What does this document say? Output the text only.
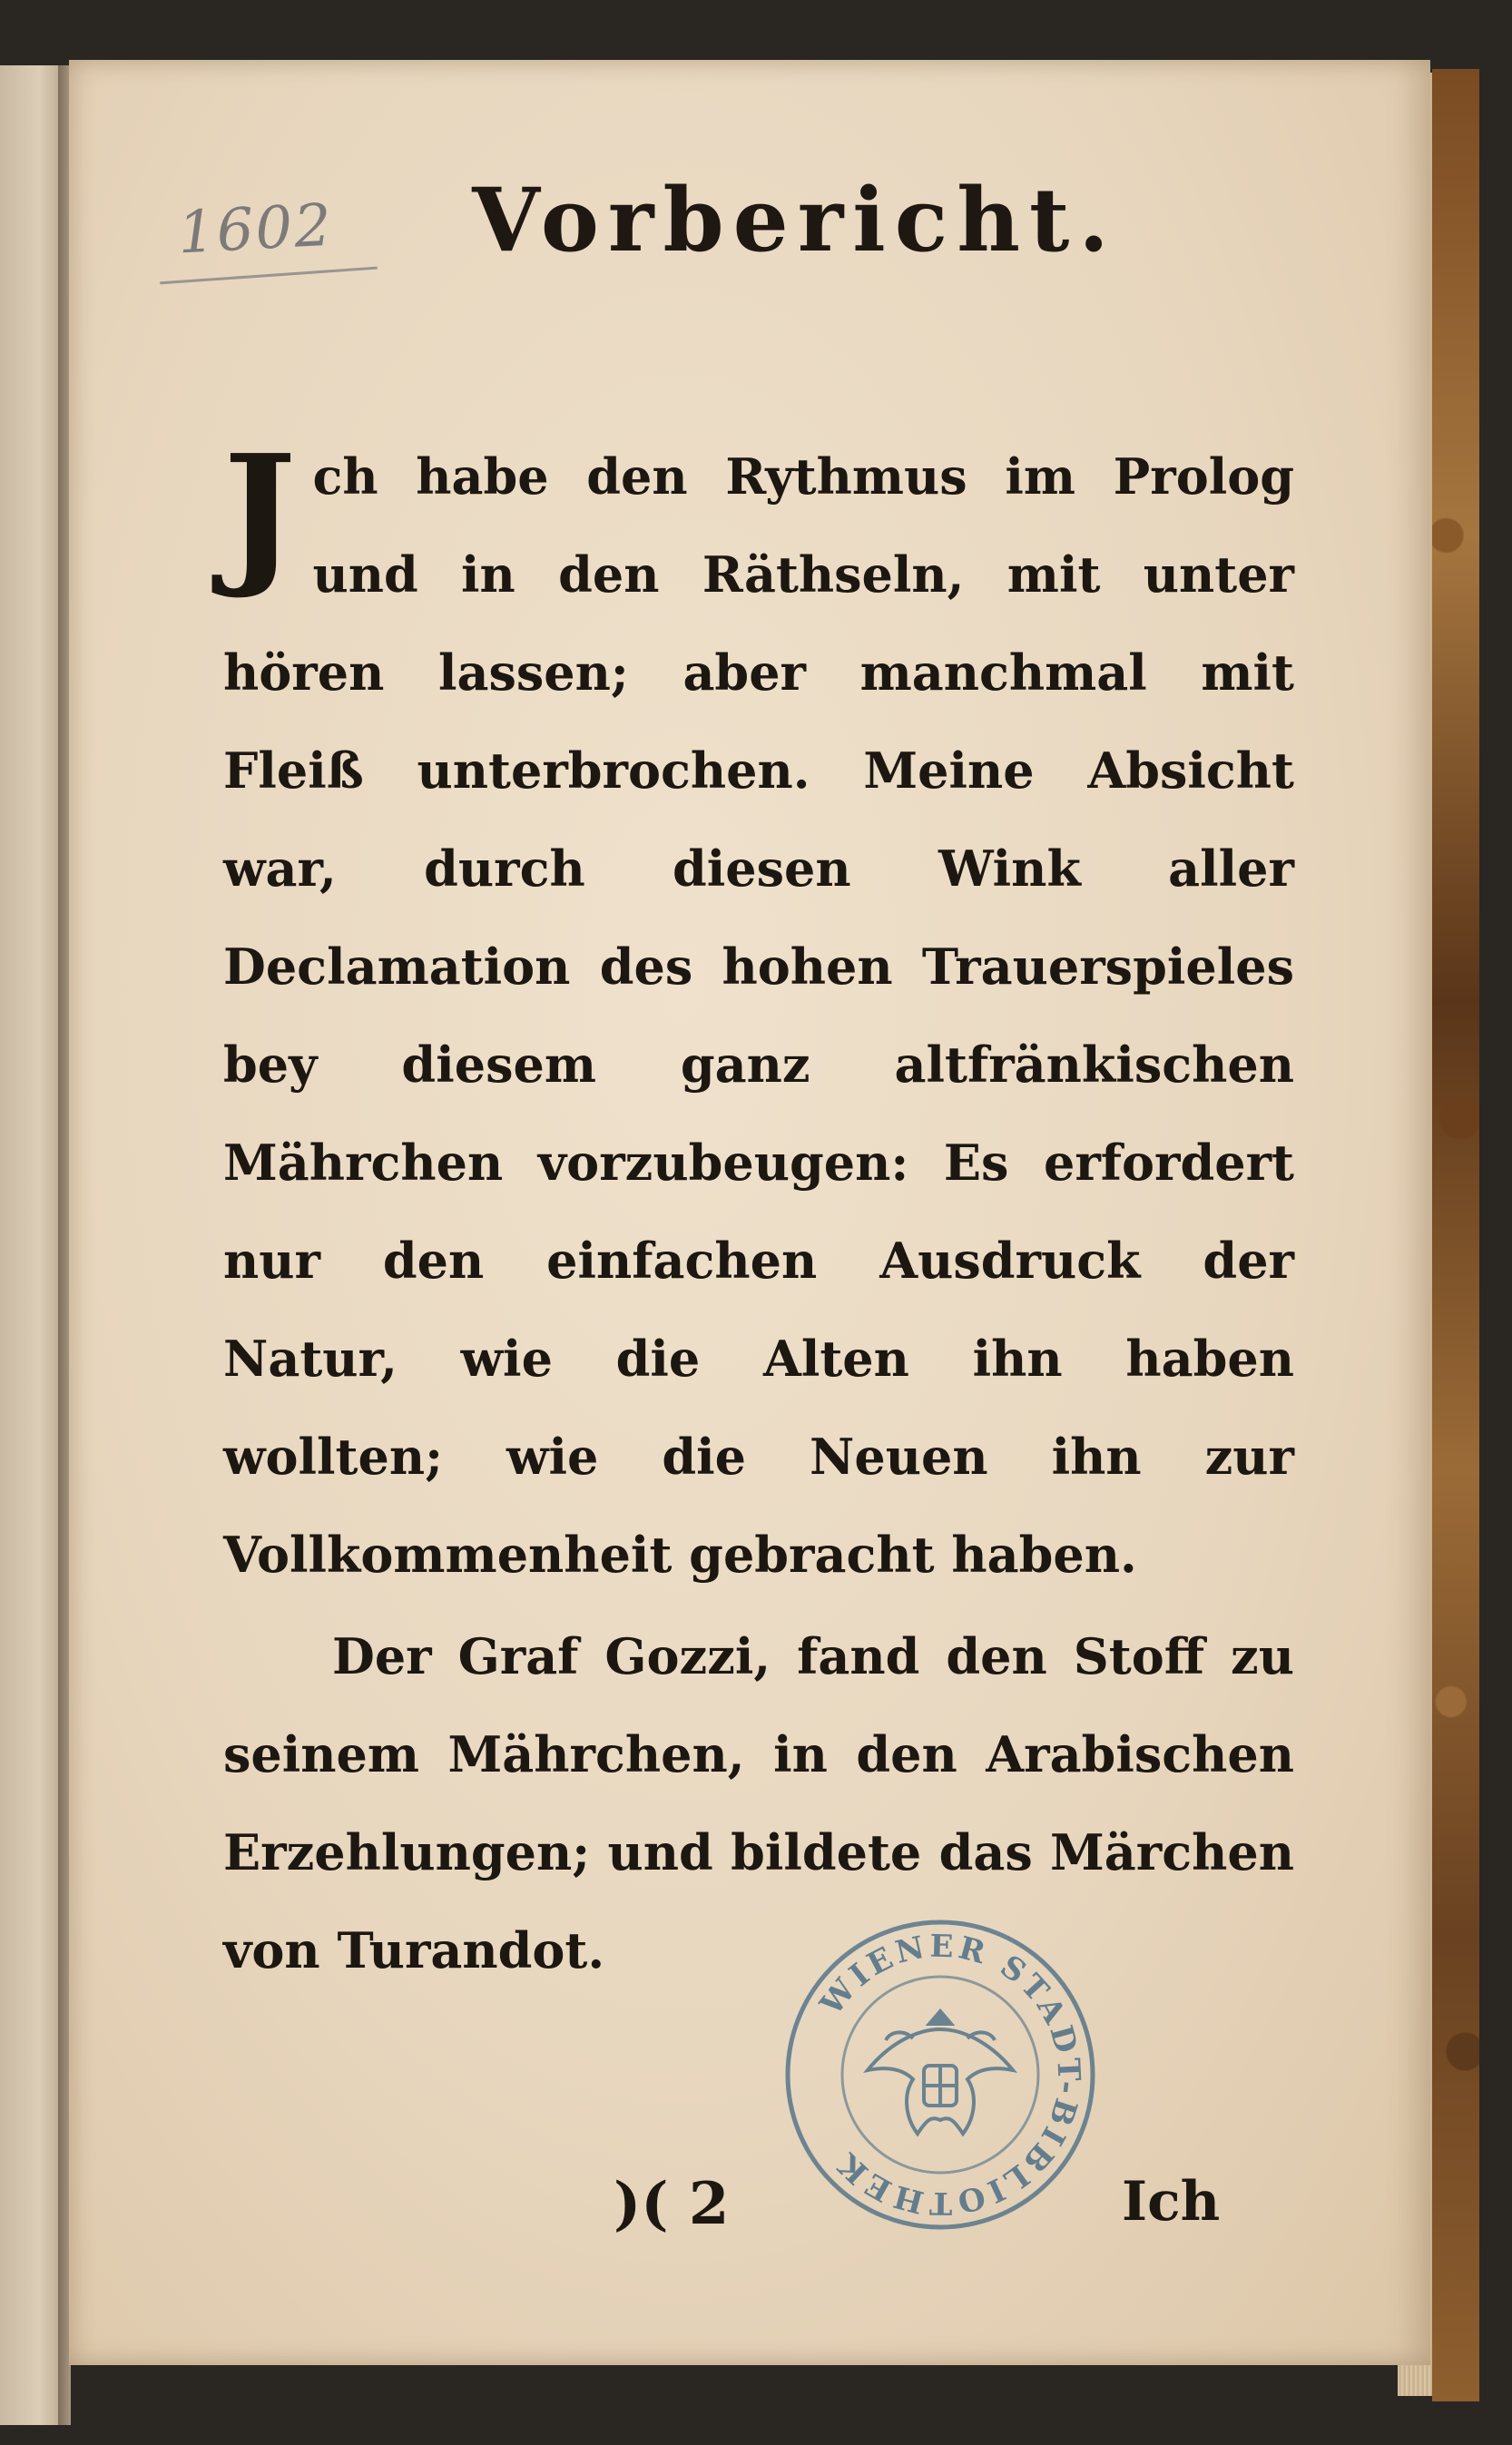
1602	Vorbericht.
Jch habe den Rythmus im Prolog und in den Räthseln, mit unter hören lassen; aber manchmal mit Fleiß unterbrochen. Meine Absicht war, durch diesen Wink aller Declamation des hohen Trauerspieles bey diesem ganz altfränkischen Mährchen vorzubeugen: Es erfordert nur den einfachen Ausdruck der Natur, wie die Alten ihn haben wollten; wie die Neuen ihn zur Vollkommenheit gebracht haben.
Der Graf Gozzi, fand den Stoff zu seinem Mährchen, in den Arabischen Erzehlungen; und bildete das Märchen von Turandot.
)( 2	Ich
WIENER STADT-BIBLIOTHEK
